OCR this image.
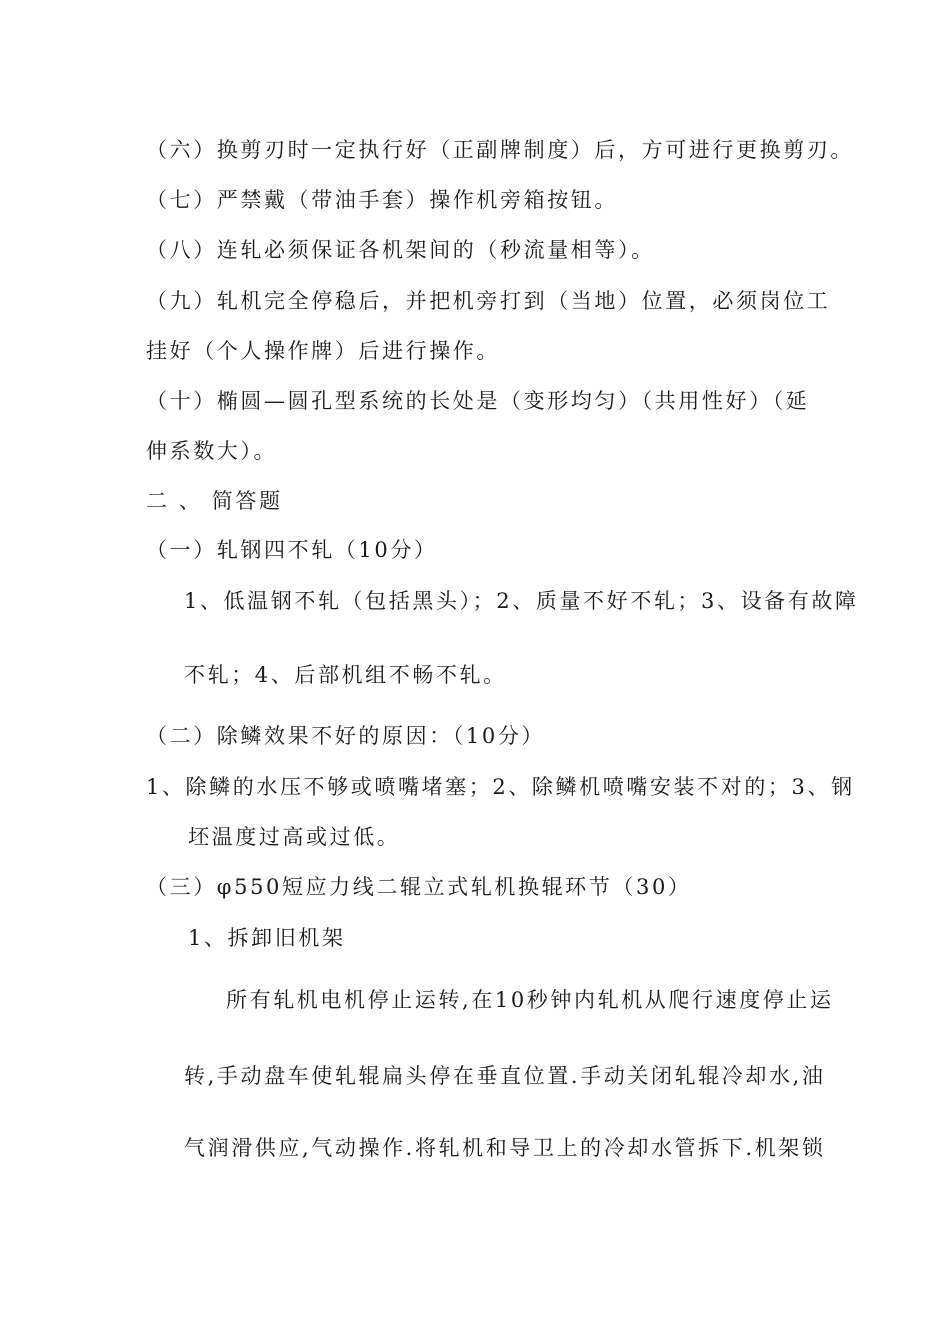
（六）换剪刃时一定执行好（正副牌制度）后，方可进行更换剪刃。
（七）严禁戴（带油手套）操作机旁箱按钮。
（八）连轧必须保证各机架间的（秒流量相等）。
（九）轧机完全停稳后，并把机旁打到（当地）位置，必须岗位工
挂好（个人操作牌）后进行操作。
（十）椭圆—圆孔型系统的长处是（变形均匀）（共用性好）（延
伸系数大）。
二 、 简答题
（一）轧钢四不轧（10分）
1、低温钢不轧（包括黑头）；2、质量不好不轧；3、设备有故障
不轧；4、后部机组不畅不轧。
（二）除鳞效果不好的原因：（10分）
1、除鳞的水压不够或喷嘴堵塞；2、除鳞机喷嘴安装不对的；3、钢
坯温度过高或过低。
（三）φ550短应力线二辊立式轧机换辊环节（30）
1、拆卸旧机架
所有轧机电机停止运转,在10秒钟内轧机从爬行速度停止运
转,手动盘车使轧辊扁头停在垂直位置.手动关闭轧辊冷却水,油
气润滑供应,气动操作.将轧机和导卫上的冷却水管拆下.机架锁
